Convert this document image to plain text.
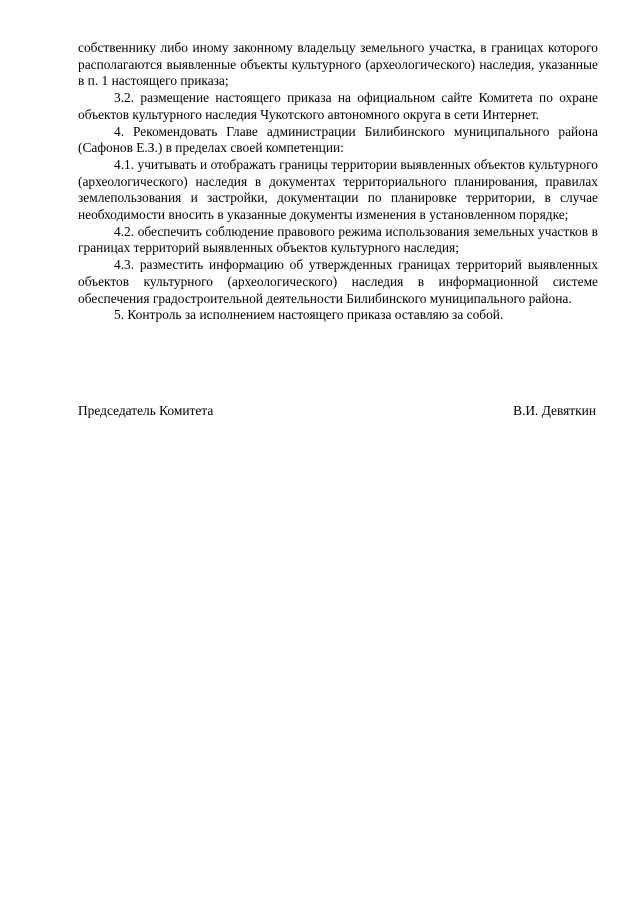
собственнику либо иному законному владельцу земельного участка, в границах которого располагаются выявленные объекты культурного (археологического) наследия, указанные в п. 1 настоящего приказа;

3.2. размещение настоящего приказа на официальном сайте Комитета по охране объектов культурного наследия Чукотского автономного округа в сети Интернет.

4. Рекомендовать Главе администрации Билибинского муниципального района (Сафонов Е.З.) в пределах своей компетенции:

4.1. учитывать и отображать границы территории выявленных объектов культурного (археологического) наследия в документах территориального планирования, правилах землепользования и застройки, документации по планировке территории, в случае необходимости вносить в указанные документы изменения в установленном порядке;

4.2. обеспечить соблюдение правового режима использования земельных участков в границах территорий выявленных объектов культурного наследия;

4.3. разместить информацию об утвержденных границах территорий выявленных объектов культурного (археологического) наследия в информационной системе обеспечения градостроительной деятельности Билибинского муниципального района.

5. Контроль за исполнением настоящего приказа оставляю за собой.

Председатель Комитета	В.И. Девяткин
